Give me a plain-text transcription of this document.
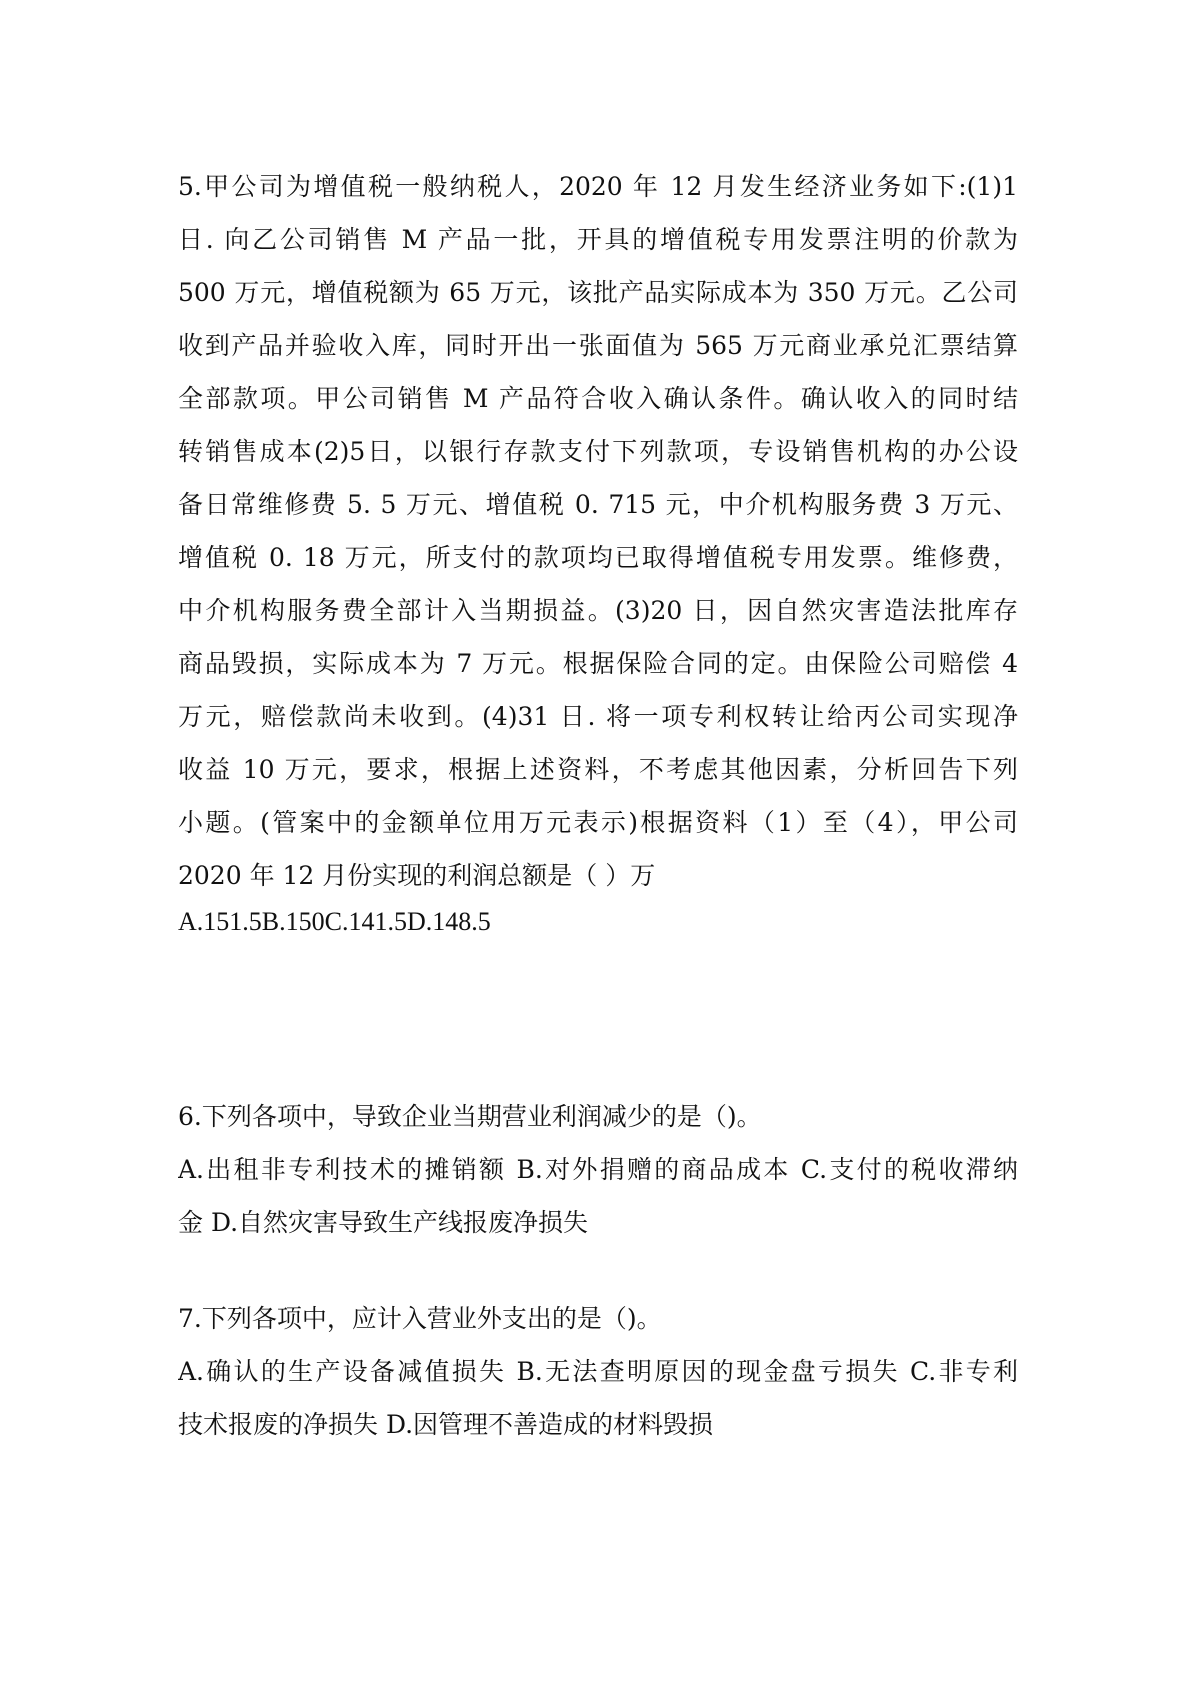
5.甲公司为增值税一般纳税人，2020 年 12 月发生经济业务如下:(1)1
日. 向乙公司销售 M 产品一批，开具的增值税专用发票注明的价款为
500 万元，增值税额为 65 万元，该批产品实际成本为 350 万元。乙公司
收到产品并验收入库，同时开出一张面值为 565 万元商业承兑汇票结算
全部款项。甲公司销售 M 产品符合收入确认条件。确认收入的同时结
转销售成本(2)5日，以银行存款支付下列款项，专设销售机构的办公设
备日常维修费 5. 5 万元、增值税 0. 715 元，中介机构服务费 3 万元、
增值税 0. 18 万元，所支付的款项均已取得增值税专用发票。维修费，
中介机构服务费全部计入当期损益。(3)20 日，因自然灾害造法批库存
商品毁损，实际成本为 7 万元。根据保险合同的定。由保险公司赔偿 4
万元，赔偿款尚未收到。(4)31 日. 将一项专利权转让给丙公司实现净
收益 10 万元，要求，根据上述资料，不考虑其他因素，分析回告下列
小题。(管案中的金额单位用万元表示)根据资料（1）至（4），甲公司
2020 年 12 月份实现的利润总额是（ ）万
A.151.5B.150C.141.5D.148.5
6.下列各项中，导致企业当期营业利润减少的是（)。
A.出租非专利技术的摊销额 B.对外捐赠的商品成本 C.支付的税收滞纳
金 D.自然灾害导致生产线报废净损失
7.下列各项中，应计入营业外支出的是（)。
A.确认的生产设备减值损失 B.无法查明原因的现金盘亏损失 C.非专利
技术报废的净损失 D.因管理不善造成的材料毁损
